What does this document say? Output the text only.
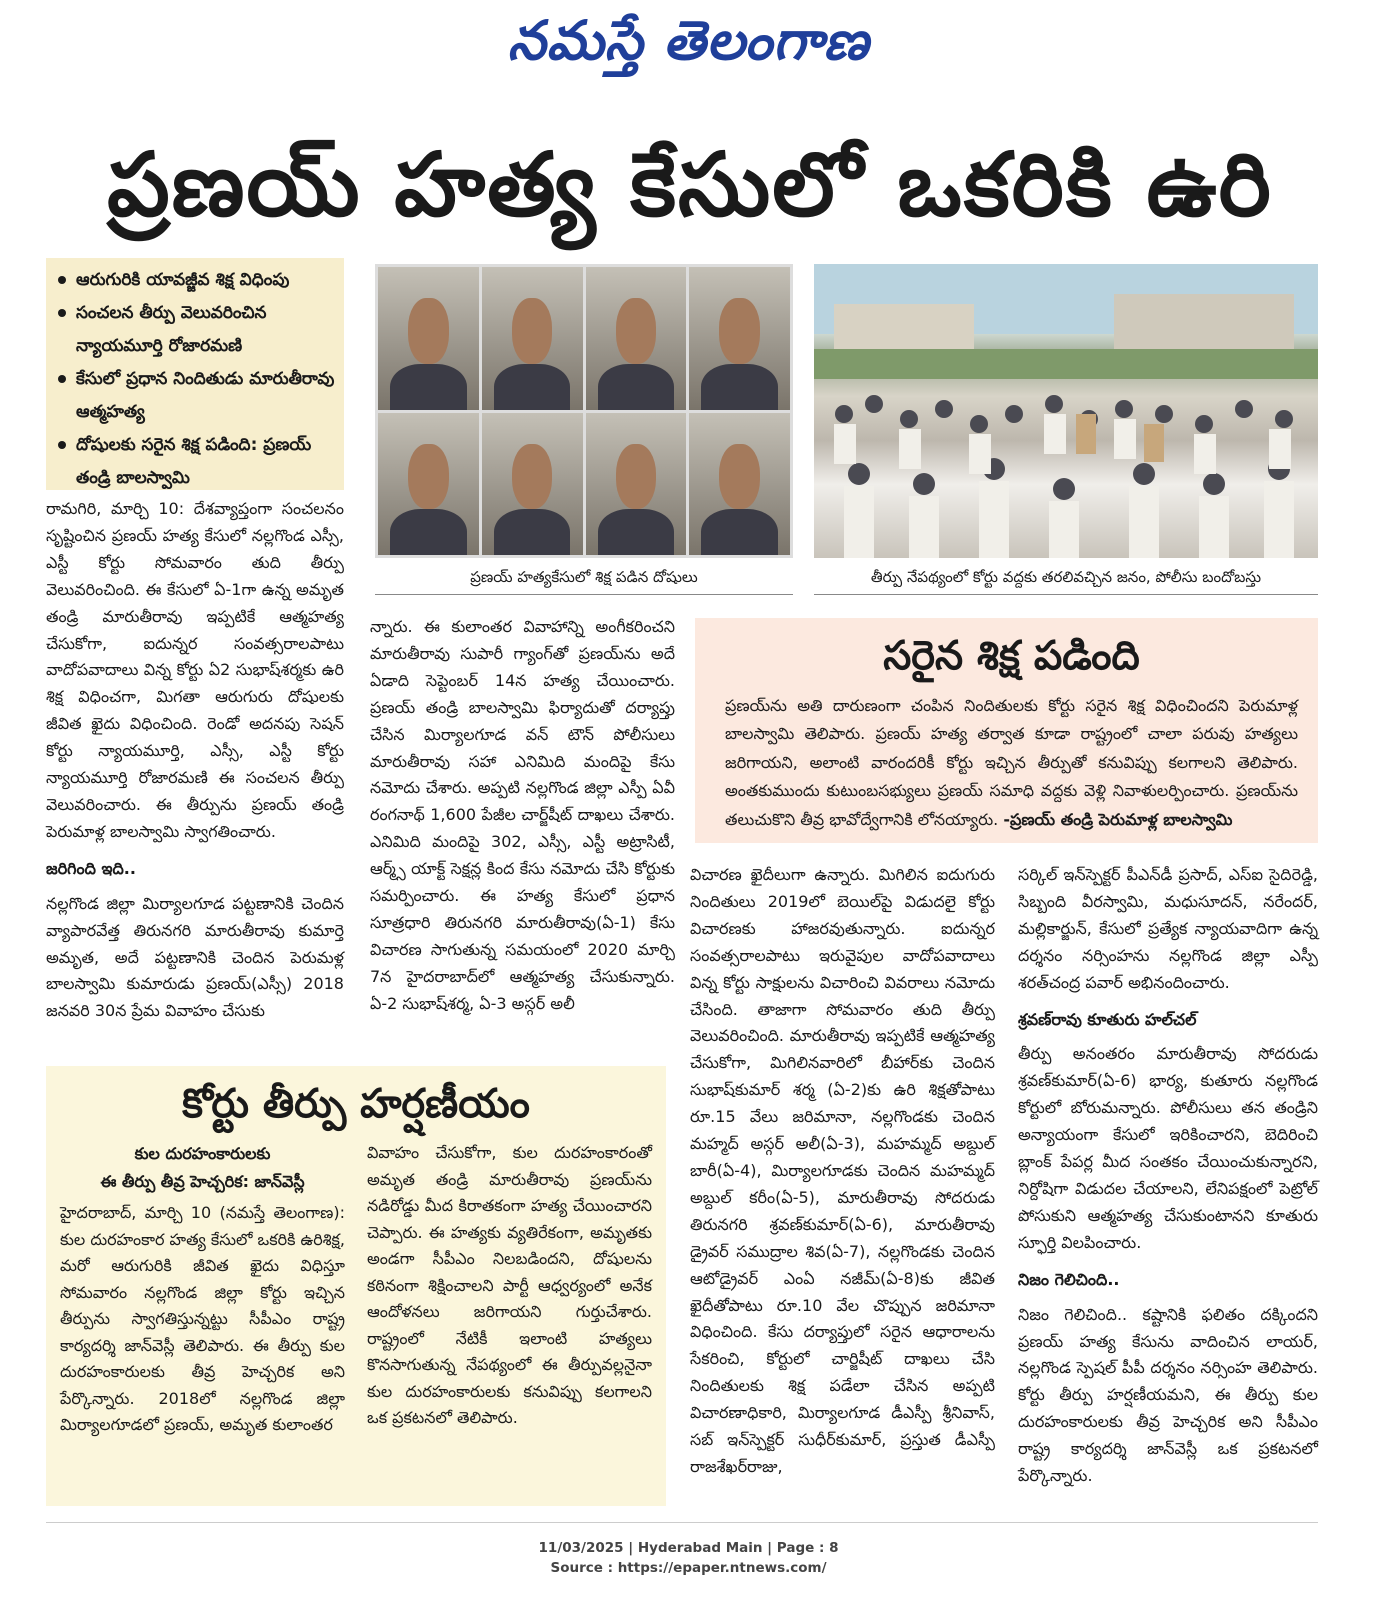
నమస్తే తెలంగాణ
ప్రణయ్ హత్య కేసులో ఒకరికి ఉరి
ఆరుగురికి యావజ్జీవ శిక్ష విధింపు
సంచలన తీర్పు వెలువరించిన న్యాయమూర్తి రోజారమణి
కేసులో ప్రధాన నిందితుడు మారుతీరావు ఆత్మహత్య
దోషులకు సరైన శిక్ష పడింది: ప్రణయ్ తండ్రి బాలస్వామి
ప్రణయ్ హత్యకేసులో శిక్ష పడిన దోషులు	తీర్పు నేపథ్యంలో కోర్టు వద్దకు తరలివచ్చిన జనం, పోలీసు బందోబస్తు

రామగిరి, మార్చి 10: దేశవ్యాప్తంగా సంచలనం సృష్టించిన ప్రణయ్ హత్య కేసులో నల్లగొండ ఎస్సీ, ఎస్టీ కోర్టు సోమవారం తుది తీర్పు వెలువరించింది. ఈ కేసులో ఏ-1గా ఉన్న అమృత తండ్రి మారుతీరావు ఇప్పటికే ఆత్మహత్య చేసుకోగా, ఐదున్నర సంవత్సరాలపాటు వాదోపవాదాలు విన్న కోర్టు ఏ2 సుభాష్‌శర్మకు ఉరి శిక్ష విధించగా, మిగతా ఆరుగురు దోషులకు జీవిత ఖైదు విధించింది. రెండో అదనపు సెషన్ కోర్టు న్యాయమూర్తి, ఎస్సీ, ఎస్టీ కోర్టు న్యాయమూర్తి రోజారమణి ఈ సంచలన తీర్పు వెలువరించారు. ఈ తీర్పును ప్రణయ్ తండ్రి పెరుమాళ్ల బాలస్వామి స్వాగతించారు.

జరిగింది ఇది..

నల్లగొండ జిల్లా మిర్యాలగూడ పట్టణానికి చెందిన వ్యాపారవేత్త తిరునగరి మారుతీరావు కుమార్తె అమృత, అదే పట్టణానికి చెందిన పెరుమళ్ల బాలస్వామి కుమారుడు ప్రణయ్(ఎస్సీ) 2018 జనవరి 30న ప్రేమ వివాహం చేసుకు

న్నారు. ఈ కులాంతర వివాహాన్ని అంగీకరించని మారుతీరావు సుపారీ గ్యాంగ్‌తో ప్రణయ్‌ను అదే ఏడాది సెప్టెంబర్ 14న హత్య చేయించారు. ప్రణయ్ తండ్రి బాలస్వామి ఫిర్యాదుతో దర్యాప్తు చేసిన మిర్యాలగూడ వన్ టౌన్ పోలీసులు మారుతీరావు సహా ఎనిమిది మందిపై కేసు నమోదు చేశారు. అప్పటి నల్లగొండ జిల్లా ఎస్పీ ఏవీ రంగనాథ్ 1,600 పేజీల చార్జ్‌షీట్ దాఖలు చేశారు. ఎనిమిది మందిపై 302, ఎస్సీ, ఎస్టీ అట్రాసిటీ, ఆర్మ్స్ యాక్ట్ సెక్షన్ల కింద కేసు నమోదు చేసి కోర్టుకు సమర్పించారు. ఈ హత్య కేసులో ప్రధాన సూత్రధారి తిరునగరి మారుతీరావు(ఏ-1) కేసు విచారణ సాగుతున్న సమయంలో 2020 మార్చి 7న హైదరాబాద్‌లో ఆత్మహత్య చేసుకున్నారు. ఏ-2 సుభాష్‌శర్మ, ఏ-3 అస్గర్ అలీ

సరైన శిక్ష పడింది
ప్రణయ్‌ను అతి దారుణంగా చంపిన నిందితులకు కోర్టు సరైన శిక్ష విధించిందని పెరుమాళ్ల బాలస్వామి తెలిపారు. ప్రణయ్ హత్య తర్వాత కూడా రాష్ట్రంలో చాలా పరువు హత్యలు జరిగాయని, అలాంటి వారందరికీ కోర్టు ఇచ్చిన తీర్పుతో కనువిప్పు కలగాలని తెలిపారు. అంతకుముందు కుటుంబసభ్యులు ప్రణయ్ సమాధి వద్దకు వెళ్లి నివాళులర్పించారు. ప్రణయ్‌ను తలుచుకొని తీవ్ర భావోద్వేగానికి లోనయ్యారు. -ప్రణయ్ తండ్రి పెరుమాళ్ల బాలస్వామి

విచారణ ఖైదీలుగా ఉన్నారు. మిగిలిన ఐదుగురు నిందితులు 2019లో బెయిల్‌పై విడుదలై కోర్టు విచారణకు హాజరవుతున్నారు. ఐదున్నర సంవత్సరాలపాటు ఇరువైపుల వాదోపవాదాలు విన్న కోర్టు సాక్షులను విచారించి వివరాలు నమోదు చేసింది. తాజాగా సోమవారం తుది తీర్పు వెలువరించింది. మారుతీరావు ఇప్పటికే ఆత్మహత్య చేసుకోగా, మిగిలినవారిలో బీహార్‌కు చెందిన సుభాష్‌కుమార్ శర్మ (ఏ-2)కు ఉరి శిక్షతోపాటు రూ.15 వేలు జరిమానా, నల్లగొండకు చెందిన మహ్మద్ అస్గర్ అలీ(ఏ-3), మహమ్మద్ అబ్దుల్ బారీ(ఏ-4), మిర్యాలగూడకు చెందిన మహమ్మద్ అబ్దుల్ కరీం(ఏ-5), మారుతీరావు సోదరుడు తిరునగరి శ్రవణ్‌కుమార్(ఏ-6), మారుతీరావు డ్రైవర్ సముద్రాల శివ(ఏ-7), నల్లగొండకు చెందిన ఆటోడ్రైవర్ ఎంఏ నజీమ్(ఏ-8)కు జీవిత ఖైదీతోపాటు రూ.10 వేల చొప్పున జరిమానా విధించింది. కేసు దర్యాప్తులో సరైన ఆధారాలను సేకరించి, కోర్టులో చార్జిషీట్ దాఖలు చేసి నిందితులకు శిక్ష పడేలా చేసిన అప్పటి విచారణాధికారి, మిర్యాలగూడ డీఎస్పీ శ్రీనివాస్, సబ్ ఇన్‌స్పెక్టర్ సుధీర్‌కుమార్, ప్రస్తుత డీఎస్పీ రాజశేఖర్‌రాజు,

సర్కిల్ ఇన్‌స్పెక్టర్ పీఎన్‌డీ ప్రసాద్, ఎస్‌ఐ సైదిరెడ్డి, సిబ్బంది వీరస్వామి, మధుసూదన్, నరేందర్, మల్లికార్జున్, కేసులో ప్రత్యేక న్యాయవాదిగా ఉన్న దర్శనం నర్సింహను నల్లగొండ జిల్లా ఎస్పీ శరత్‌చంద్ర పవార్ అభినందించారు.

శ్రవణ్‌రావు కూతురు హల్‌చల్

తీర్పు అనంతరం మారుతీరావు సోదరుడు శ్రవణ్‌కుమార్(ఏ-6) భార్య, కుతూరు నల్లగొండ కోర్టులో బోరుమన్నారు. పోలీసులు తన తండ్రిని అన్యాయంగా కేసులో ఇరికించారని, బెదిరించి బ్లాంక్ పేపర్ల మీద సంతకం చేయించుకున్నారని, నిర్దోషిగా విడుదల చేయాలని, లేనిపక్షంలో పెట్రోల్ పోసుకుని ఆత్మహత్య చేసుకుంటానని కూతురు స్ఫూర్తి విలపించారు.

నిజం గెలిచింది..

నిజం గెలిచింది.. కష్టానికి ఫలితం దక్కిందని ప్రణయ్ హత్య కేసును వాదించిన లాయర్, నల్లగొండ స్పెషల్ పీపీ దర్శనం నర్సింహ తెలిపారు. కోర్టు తీర్పు హర్షణీయమని, ఈ తీర్పు కుల దురహంకారులకు తీవ్ర హెచ్చరిక అని సీపీఎం రాష్ట్ర కార్యదర్శి జాన్‌వెస్లీ ఒక ప్రకటనలో పేర్కొన్నారు.

కోర్టు తీర్పు హర్షణీయం

కుల దురహంకారులకు

ఈ తీర్పు తీవ్ర హెచ్చరిక: జాన్‌వెస్లీ

హైదరాబాద్, మార్చి 10 (నమస్తే తెలంగాణ): కుల దురహంకార హత్య కేసులో ఒకరికి ఉరిశిక్ష, మరో ఆరుగురికి జీవిత ఖైదు విధిస్తూ సోమవారం నల్లగొండ జిల్లా కోర్టు ఇచ్చిన తీర్పును స్వాగతిస్తున్నట్టు సీపీఎం రాష్ట్ర కార్యదర్శి జాన్‌వెస్లీ తెలిపారు. ఈ తీర్పు కుల దురహంకారులకు తీవ్ర హెచ్చరిక అని పేర్కొన్నారు. 2018లో నల్లగొండ జిల్లా మిర్యాలగూడలో ప్రణయ్, అమృత కులాంతర

వివాహం చేసుకోగా, కుల దురహంకారంతో అమృత తండ్రి మారుతీరావు ప్రణయ్‌ను నడిరోడ్డు మీద కిరాతకంగా హత్య చేయించారని చెప్పారు. ఈ హత్యకు వ్యతిరేకంగా, అమృతకు అండగా సీపీఎం నిలబడిందని, దోషులను కఠినంగా శిక్షించాలని పార్టీ ఆధ్వర్యంలో అనేక ఆందోళనలు జరిగాయని గుర్తుచేశారు. రాష్ట్రంలో నేటికీ ఇలాంటి హత్యలు కొనసాగుతున్న నేపథ్యంలో ఈ తీర్పువల్లనైనా కుల దురహంకారులకు కనువిప్పు కలగాలని ఒక ప్రకటనలో తెలిపారు.

11/03/2025 | Hyderabad Main | Page : 8
Source : https://epaper.ntnews.com/
